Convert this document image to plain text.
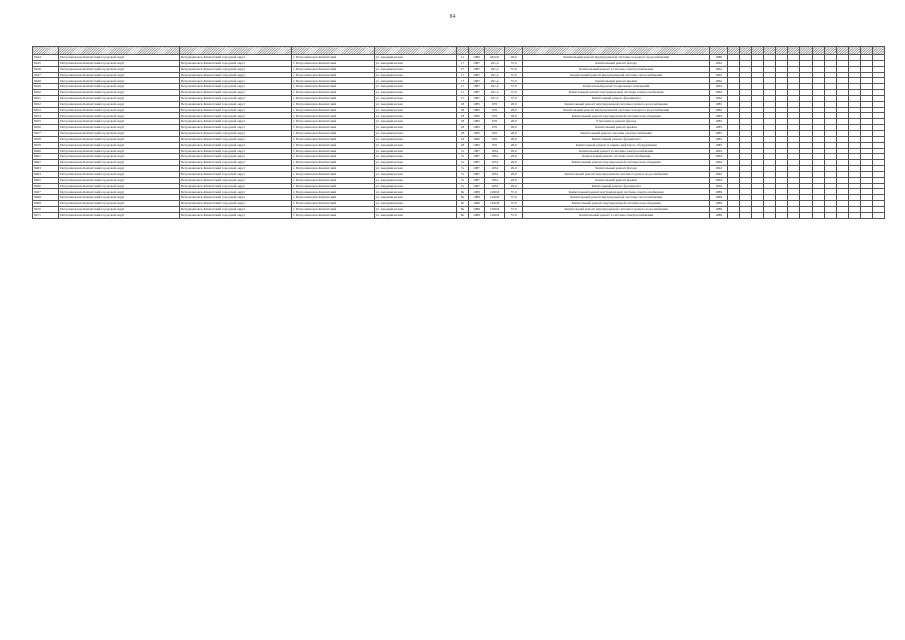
84

8444	Петропавловск-Камчатский городской округ	Петропавловск-Камчатский городской округ	г. Петропавловск-Камчатский	ул. Академическая	11	1980	4452,0	26,6	Капитальный ремонт внутридомовой системы холодного водоснабжения	1980													
8445	Петропавловск-Камчатский городской округ	Петропавловск-Камчатский городской округ	г. Петропавловск-Камчатский	ул. Академическая	17	1987	291,4	37,0	Капитальный ремонт фасада	1962													
8446	Петропавловск-Камчатский городской округ	Петропавловск-Камчатский городской округ	г. Петропавловск-Камчатский	ул. Академическая	17	1987	291,4	37,0	Капитальный ремонт в системы электроснабжения	1962													
8447	Петропавловск-Камчатский городской округ	Петропавловск-Камчатский городской округ	г. Петропавловск-Камчатский	ул. Академическая	17	1987	291,4	37,0	Капитальный ремонт внутридомовой системы теплоснабжения	1962													
8448	Петропавловск-Камчатский городской округ	Петропавловск-Камчатский городской округ	г. Петропавловск-Камчатский	ул. Академическая	17	1987	291,4	37,0	Капитальный ремонт крыши	1962													
8449	Петропавловск-Камчатский городской округ	Петропавловск-Камчатский городской округ	г. Петропавловск-Камчатский	ул. Академическая	17	1987	291,4	37,0	Капитальный ремонт подвальных помещений	1962													
8450	Петропавловск-Камчатский городской округ	Петропавловск-Камчатский городской округ	г. Петропавловск-Камчатский	ул. Академическая	17	1987	291,4	37,0	Капитальный ремонт внутридомовой системы электроснабжения	1962													
8451	Петропавловск-Камчатский городской округ	Петропавловск-Камчатский городской округ	г. Петропавловск-Камчатский	ул. Академическая	17	1987	291,4	37,0	Капитальный ремонт фундамента	1962													
8452	Петропавловск-Камчатский городской округ	Петропавловск-Камчатский городской округ	г. Петропавловск-Камчатский	ул. Академическая	18	1985	670	28,0	Капитальный ремонт внутридомовой системы горячего водоснабжения	1985													
8453	Петропавловск-Камчатский городской округ	Петропавловск-Камчатский городской округ	г. Петропавловск-Камчатский	ул. Академическая	18	1985	670	28,0	Капитальный ремонт внутридомовой системы холодного водоснабжения	1985													
8454	Петропавловск-Камчатский городской округ	Петропавловск-Камчатский городской округ	г. Петропавловск-Камчатский	ул. Академическая	18	1985	670	28,0	Капитальный ремонт внутридомовой системы водоотведения	1985													
8455	Петропавловск-Камчатский городской округ	Петропавловск-Камчатский городской округ	г. Петропавловск-Камчатский	ул. Академическая	18	1985	670	28,0	Утепление и ремонт фасада	1985													
8456	Петропавловск-Камчатский городской округ	Петропавловск-Камчатский городской округ	г. Петропавловск-Камчатский	ул. Академическая	18	1985	670	28,0	Капитальный ремонт крыши	1985													
8457	Петропавловск-Камчатский городской округ	Петропавловск-Камчатский городской округ	г. Петропавловск-Камчатский	ул. Академическая	18	1985	670	28,0	Капитальный ремонт системы электроснабжения	1985													
8458	Петропавловск-Камчатский городской округ	Петропавловск-Камчатский городской округ	г. Петропавловск-Камчатский	ул. Академическая	18	1985	670	28,0	Капитальный ремонт фундамента	1985													
8459	Петропавловск-Камчатский городской округ	Петропавловск-Камчатский городской округ	г. Петропавловск-Камчатский	ул. Академическая	18	1985	670	28,0	Капитальный ремонт и замена лифтового оборудования	1985													
8460	Петропавловск-Камчатский городской округ	Петропавловск-Камчатский городской округ	г. Петропавловск-Камчатский	ул. Академическая	7а	1987	1054	29,0	Капитальный ремонт в системы электроснабжения	1992													
8461	Петропавловск-Камчатский городской округ	Петропавловск-Камчатский городской округ	г. Петропавловск-Камчатский	ул. Академическая	7а	1987	1054	29,0	Капитальный ремонт системы теплоснабжения	1992													
8462	Петропавловск-Камчатский городской округ	Петропавловск-Камчатский городской округ	г. Петропавловск-Камчатский	ул. Академическая	7а	1987	1054	29,0	Капитальный ремонт внутридомовой системы водоотведения	1992													
8463	Петропавловск-Камчатский городской округ	Петропавловск-Камчатский городской округ	г. Петропавловск-Камчатский	ул. Академическая	7а	1987	1054	29,0	Капитальный ремонт фасада	1992													
8464	Петропавловск-Камчатский городской округ	Петропавловск-Камчатский городской округ	г. Петропавловск-Камчатский	ул. Академическая	7а	1987	1054	29,0	Капитальный ремонт внутридомовой системы горячего водоснабжения	1992													
8465	Петропавловск-Камчатский городской округ	Петропавловск-Камчатский городской округ	г. Петропавловск-Камчатский	ул. Академическая	7а	1987	1054	29,0	Капитальный ремонт крыши	1992													
8466	Петропавловск-Камчатский городской округ	Петропавловск-Камчатский городской округ	г. Петропавловск-Камчатский	ул. Академическая	7а	1987	1054	29,0	Капитальный ремонт фундамента	1992													
8467	Петропавловск-Камчатский городской округ	Петропавловск-Камчатский городской округ	г. Петропавловск-Камчатский	ул. Академическая	8а	1989	1260,8	37,0	Капитальный ремонт внутридомовой системы электроснабжения	1989													
8468	Петропавловск-Камчатский городской округ	Петропавловск-Камчатский городской округ	г. Петропавловск-Камчатский	ул. Академическая	8а	1989	1260,8	37,0	Капитальный ремонт внутридомовой системы теплоснабжения	1989													
8469	Петропавловск-Камчатский городской округ	Петропавловск-Камчатский городской округ	г. Петропавловск-Камчатский	ул. Академическая	8а	1989	1260,8	37,0	Капитальный ремонт внутридомовой системы водоотведения	1989													
8470	Петропавловск-Камчатский городской округ	Петропавловск-Камчатский городской округ	г. Петропавловск-Камчатский	ул. Академическая	8а	1989	1260,8	37,0	Капитальный ремонт внутридомовой системы горячего водоснабжения	1989													
8471	Петропавловск-Камчатский городской округ	Петропавловск-Камчатский городской округ	г. Петропавловск-Камчатский	ул. Академическая	8а	1989	1260,8	37,0	Капитальный ремонт в системы электроснабжения	1989													
